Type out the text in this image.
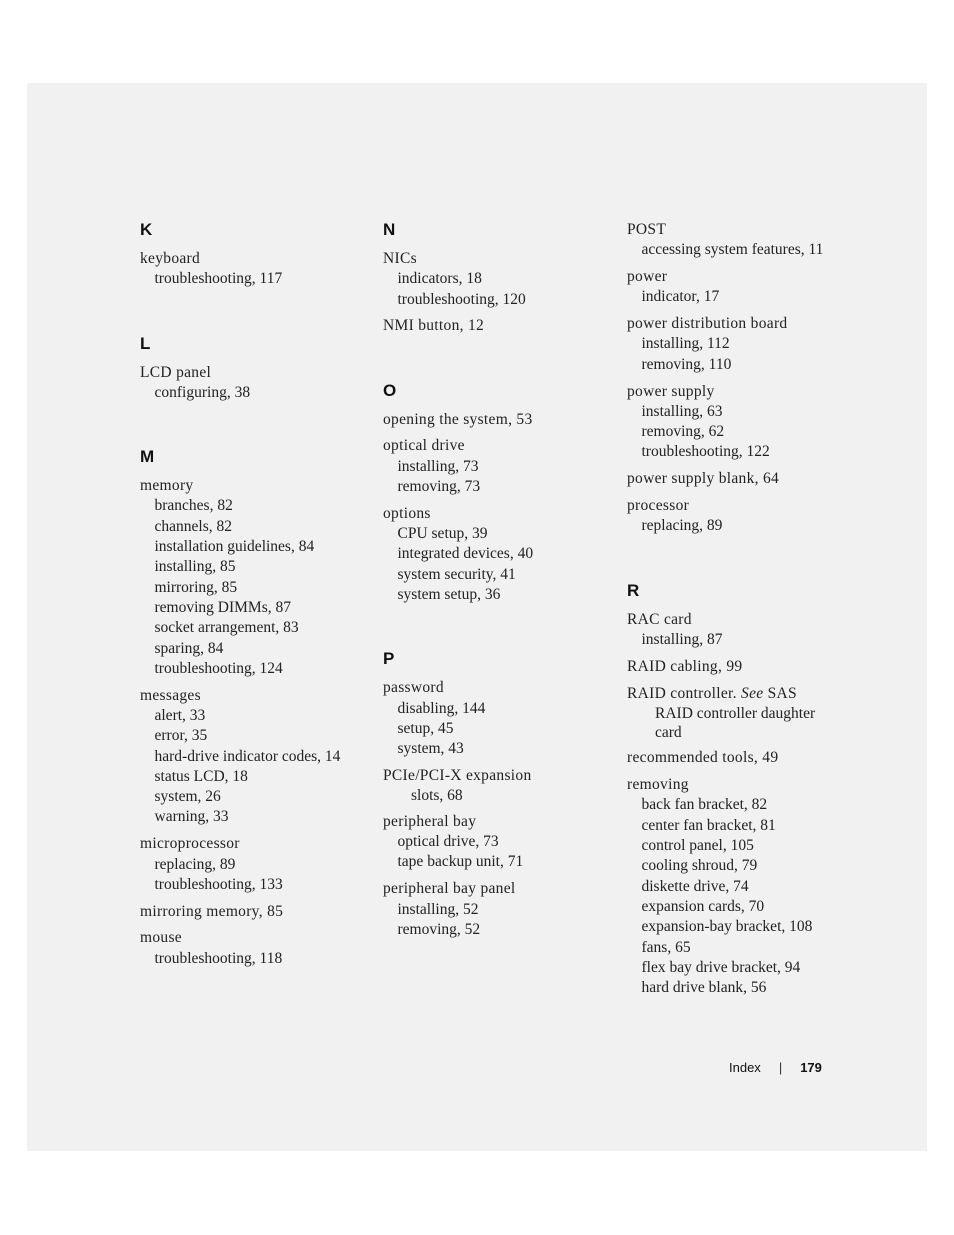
K
keyboard
troubleshooting, 117
L
LCD panel
configuring, 38
M
memory
branches, 82
channels, 82
installation guidelines, 84
installing, 85
mirroring, 85
removing DIMMs, 87
socket arrangement, 83
sparing, 84
troubleshooting, 124
messages
alert, 33
error, 35
hard-drive indicator codes, 14
status LCD, 18
system, 26
warning, 33
microprocessor
replacing, 89
troubleshooting, 133
mirroring memory, 85
mouse
troubleshooting, 118
N
NICs
indicators, 18
troubleshooting, 120
NMI button, 12
O
opening the system, 53
optical drive
installing, 73
removing, 73
options
CPU setup, 39
integrated devices, 40
system security, 41
system setup, 36
P
password
disabling, 144
setup, 45
system, 43
PCIe/PCI-X expansion
slots, 68
peripheral bay
optical drive, 73
tape backup unit, 71
peripheral bay panel
installing, 52
removing, 52
POST
accessing system features, 11
power
indicator, 17
power distribution board
installing, 112
removing, 110
power supply
installing, 63
removing, 62
troubleshooting, 122
power supply blank, 64
processor
replacing, 89
R
RAC card
installing, 87
RAID cabling, 99
RAID controller. See SAS
RAID controller daughter
card
recommended tools, 49
removing
back fan bracket, 82
center fan bracket, 81
control panel, 105
cooling shroud, 79
diskette drive, 74
expansion cards, 70
expansion-bay bracket, 108
fans, 65
flex bay drive bracket, 94
hard drive blank, 56
Index | 179
